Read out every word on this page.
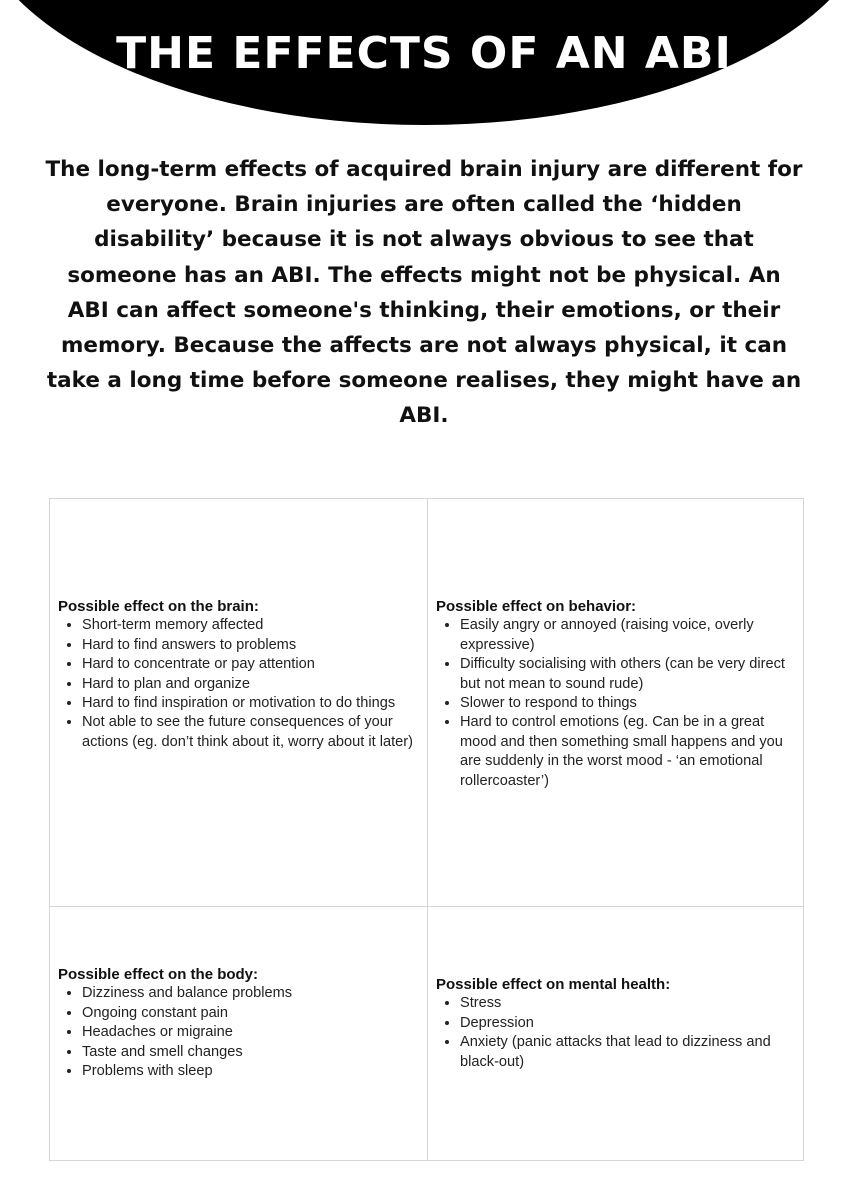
THE EFFECTS OF AN ABI

The long-term effects of acquired brain injury are different for everyone. Brain injuries are often called the ‘hidden disability’ because it is not always obvious to see that someone has an ABI. The effects might not be physical. An ABI can affect someone's thinking, their emotions, or their memory. Because the affects are not always physical, it can take a long time before someone realises, they might have an ABI.

Possible effect on the brain:

• Short-term memory affected
• Hard to find answers to problems
• Hard to concentrate or pay attention
• Hard to plan and organize
• Hard to find inspiration or motivation to do things
• Not able to see the future consequences of your actions (eg. don’t think about it, worry about it later)

Possible effect on behavior:

• Easily angry or annoyed (raising voice, overly expressive)
• Difficulty socialising with others (can be very direct but not mean to sound rude)
• Slower to respond to things
• Hard to control emotions (eg. Can be in a great mood and then something small happens and you are suddenly in the worst mood - ‘an emotional rollercoaster’)

Possible effect on the body:

• Dizziness and balance problems
• Ongoing constant pain
• Headaches or migraine
• Taste and smell changes
• Problems with sleep

Possible effect on mental health:

• Stress
• Depression
• Anxiety (panic attacks that lead to dizziness and black-out)
